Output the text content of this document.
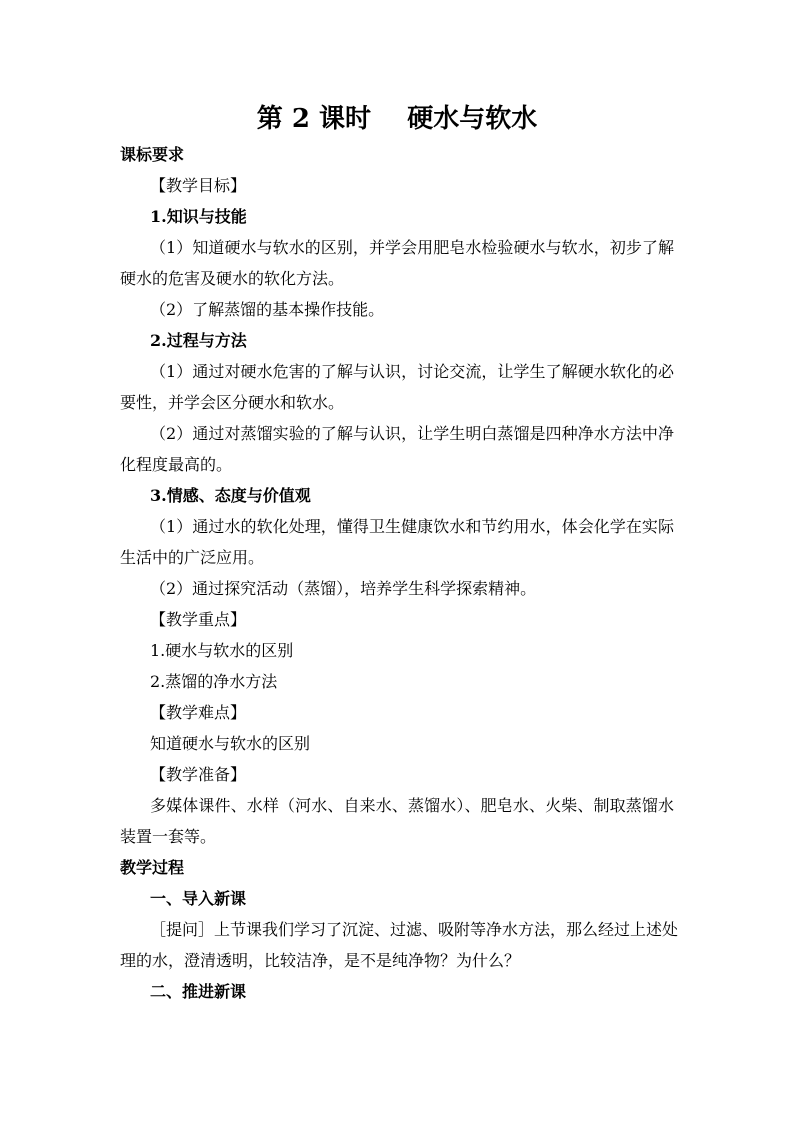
第 2 课时    硬水与软水
课标要求
【教学目标】
1.知识与技能
（1）知道硬水与软水的区别，并学会用肥皂水检验硬水与软水，初步了解
硬水的危害及硬水的软化方法。
（2）了解蒸馏的基本操作技能。
2.过程与方法
（1）通过对硬水危害的了解与认识，讨论交流，让学生了解硬水软化的必
要性，并学会区分硬水和软水。
（2）通过对蒸馏实验的了解与认识，让学生明白蒸馏是四种净水方法中净
化程度最高的。
3.情感、态度与价值观
（1）通过水的软化处理，懂得卫生健康饮水和节约用水，体会化学在实际
生活中的广泛应用。
（2）通过探究活动（蒸馏），培养学生科学探索精神。
【教学重点】
1.硬水与软水的区别
2.蒸馏的净水方法
【教学难点】
知道硬水与软水的区别
【教学准备】
多媒体课件、水样（河水、自来水、蒸馏水）、肥皂水、火柴、制取蒸馏水
装置一套等。
教学过程
一、导入新课
［提问］上节课我们学习了沉淀、过滤、吸附等净水方法，那么经过上述处
理的水，澄清透明，比较洁净，是不是纯净物？为什么？
二、推进新课
